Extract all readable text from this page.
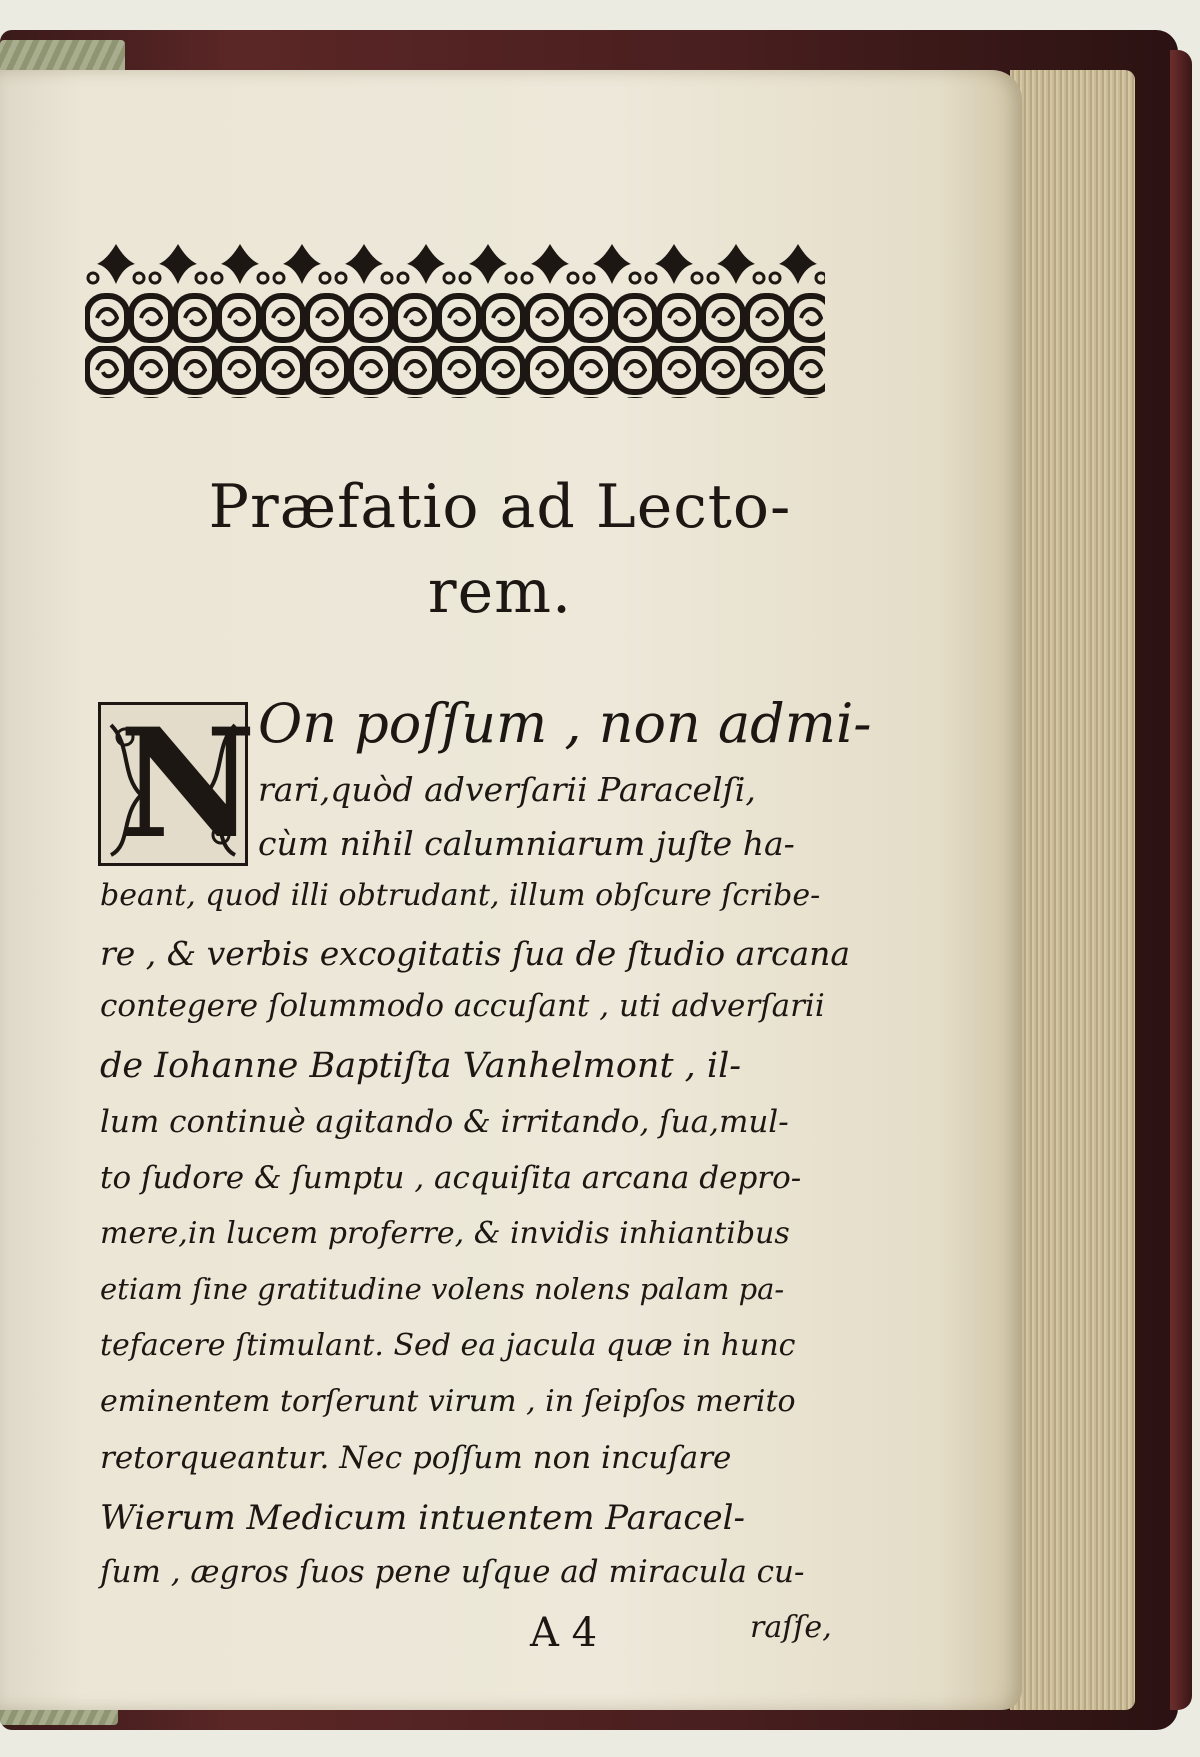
Præfatio ad Lecto-
rem.
N On poſſum , non admi-
rari,quòd adverſarii Paracelſi,
cùm nihil calumniarum juſte ha-
beant, quod illi obtrudant, illum obſcure ſcribe-
re , & verbis excogitatis ſua de ſtudio arcana
contegere ſolummodo accuſant , uti adverſarii
de Iohanne Baptiſta Vanhelmont , il-
lum continuè agitando & irritando, ſua,mul-
to ſudore & ſumptu , acquiſita arcana depro-
mere,in lucem proferre, & invidis inhiantibus
etiam ſine gratitudine volens nolens palam pa-
tefacere ſtimulant. Sed ea jacula quæ in hunc
eminentem torſerunt virum , in ſeipſos merito
retorqueantur. Nec poſſum non incuſare
Wierum Medicum intuentem Paracel-
ſum , ægros ſuos pene uſque ad miracula cu-
A 4	raſſe,
